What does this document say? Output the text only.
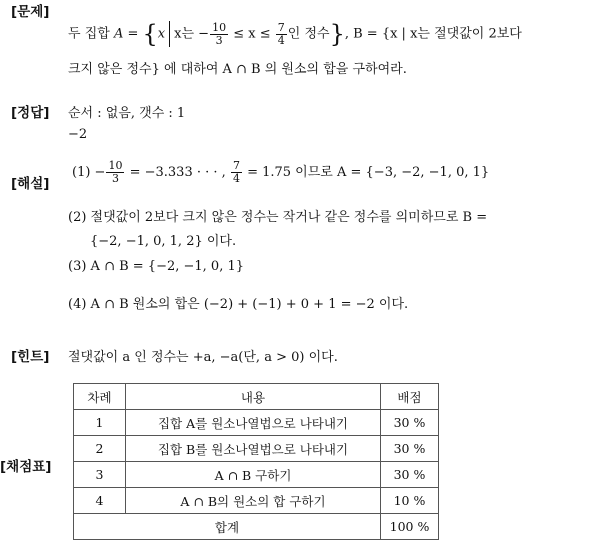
[문제]
[정답]
[해설]
[힌트]
[채점표]
두 집합 A = {x x는 − $\frac{10}{3} \le x \le \frac{7}{4}$ 인 정수}, B = {x | x는 절댓값이 2보다
크지 않은 정수} 에 대하여 A ∩ B 의 원소의 합을 구하여라.
순서 : 없음, 갯수 : 1
−2
$(1) - \frac{10}{3} = -3.333$ · · · , $\frac{7}{4} = 1.75$ 이므로 A = {−3, −2, −1, 0, 1}
(2) 절댓값이 2보다 크지 않은 정수는 작거나 같은 정수를 의미하므로 B =
{−2, −1, 0, 1, 2} 이다.
(3) A ∩ B = {−2, −1, 0, 1}
(4) A ∩ B 원소의 합은 (−2) + (−1) + 0 + 1 = −2 이다.
절댓값이 a 인 정수는 +a, −a(단, a > 0) 이다.
차례	내용	배점
1	집합 A를 원소나열법으로 나타내기	30 %
2	집합 B를 원소나열법으로 나타내기	30 %
3	A ∩ B 구하기	30 %
4	A ∩ B의 원소의 합 구하기	10 %
합계		100 %
